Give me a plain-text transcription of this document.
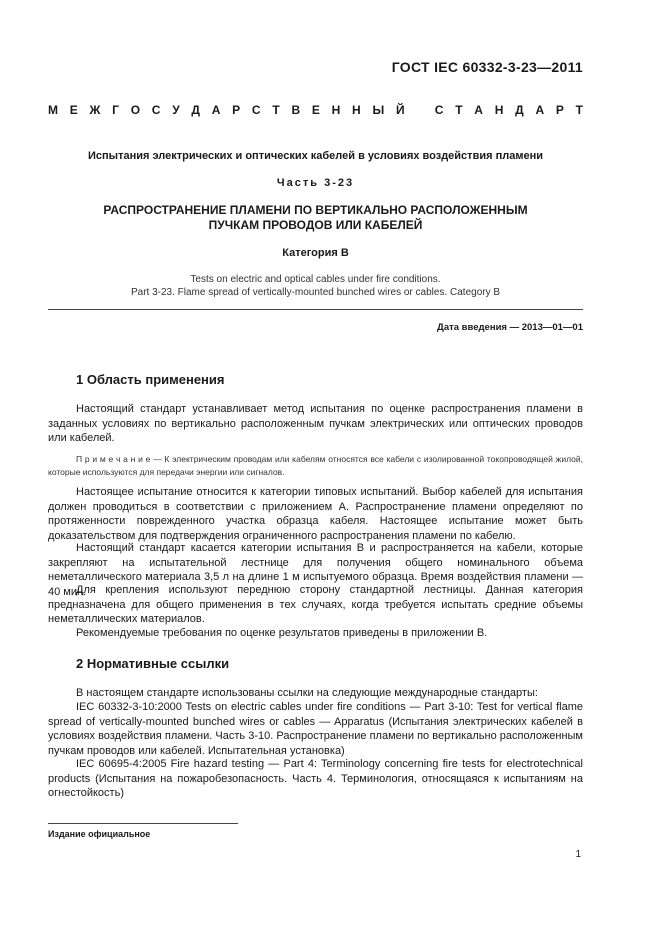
ГОСТ IEC 60332-3-23—2011
М Е Ж Г О С У Д А Р С Т В Е Н Н Ы Й
	С Т А Н Д А Р Т
Испытания электрических и оптических кабелей в условиях воздействия пламени
Часть 3-23
РАСПРОСТРАНЕНИЕ ПЛАМЕНИ ПО ВЕРТИКАЛЬНО РАСПОЛОЖЕННЫМ
ПУЧКАМ ПРОВОДОВ ИЛИ КАБЕЛЕЙ
Категория В
Tests on electric and optical cables under fire conditions.
Part 3-23. Flame spread of vertically-mounted bunched wires or cables. Category B
Дата введения — 2013—01—01
1 Область применения
Настоящий стандарт устанавливает метод испытания по оценке распространения пламени в заданных условиях по вертикально расположенным пучкам электрических или оптических проводов или кабелей.
П р и м е ч а н и е — К электрическим проводам или кабелям относятся все кабели с изолированной токопроводящей жилой, которые используются для передачи энергии или сигналов.
Настоящее испытание относится к категории типовых испытаний. Выбор кабелей для испытания должен проводиться в соответствии с приложением А. Распространение пламени определяют по протяженности поврежденного участка образца кабеля. Настоящее испытание может быть доказательством для подтверждения ограниченного распространения пламени по кабелю.
Настоящий стандарт касается категории испытания В и распространяется на кабели, которые закрепляют на испытательной лестнице для получения общего номинального объема неметаллического материала 3,5 л на длине 1 м испытуемого образца. Время воздействия пламени — 40 мин.
Для крепления используют переднюю сторону стандартной лестницы. Данная категория предназначена для общего применения в тех случаях, когда требуется испытать средние объемы неметаллических материалов.
Рекомендуемые требования по оценке результатов приведены в приложении В.
2 Нормативные ссылки
В настоящем стандарте использованы ссылки на следующие международные стандарты:
IEC 60332-3-10:2000 Tests on electric cables under fire conditions — Part 3-10: Test for vertical flame spread of vertically-mounted bunched wires or cables — Apparatus (Испытания электрических кабелей в условиях воздействия пламени. Часть 3-10. Распространение пламени по вертикально расположенным пучкам проводов или кабелей. Испытательная установка)
IEC 60695-4:2005 Fire hazard testing — Part 4: Terminology concerning fire tests for electrotechnical products (Испытания на пожаробезопасность. Часть 4. Терминология, относящаяся к испытаниям на огнестойкость)
Издание официальное
1
